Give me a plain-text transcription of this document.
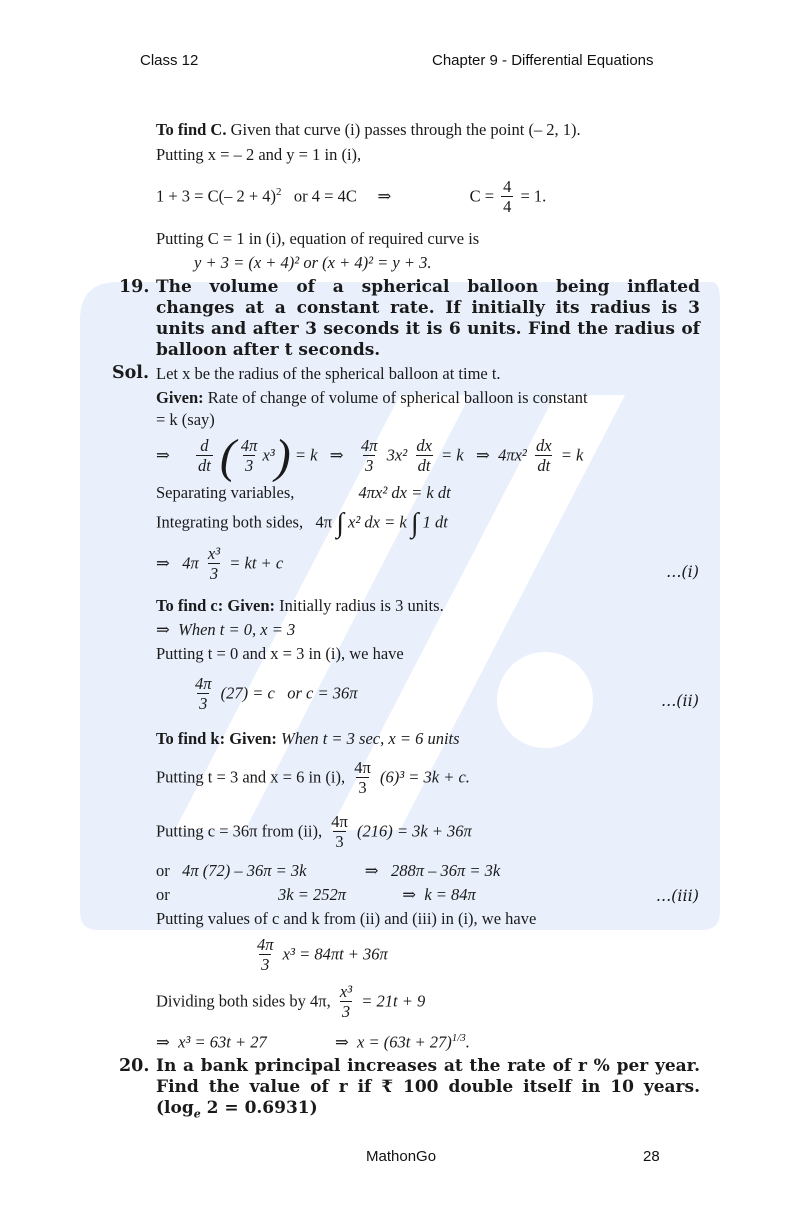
Class 12	Chapter 9 - Differential Equations
To find C. Given that curve (i) passes through the point (– 2, 1).
Putting x = – 2 and y = 1 in (i),
1 + 3 = C(– 2 + 4)$^2$ or 4 = 4C ⇒	$C = \frac{4}{4} = 1$.
Putting C = 1 in (i), equation of required curve is
y + 3 = (x + 4)² or (x + 4)² = y + 3.
19. The volume of a spherical balloon being inflated changes at a constant rate. If initially its radius is 3 units and after 3 seconds it is 6 units. Find the radius of balloon after t seconds.
Sol. Let x be the radius of the spherical balloon at time t.
Given: Rate of change of volume of spherical balloon is constant
= k (say)
⇒ $\frac{d}{dt}$ ( $\frac{4\pi}{3} x^3) = k$ ⇒ $\frac{4\pi}{3} 3x^2 \frac{dx}{dt} = k$ ⇒ $4\pi x^2 \frac{dx}{dt} = k$
Separating variables,	4πx² dx = k dt
Integrating both sides, 4π ∫ x² dx = k ∫ 1 dt
⇒ $4\pi \frac{\text{x³}}{3}$ = kt + c	...(i)
To find c: Given: Initially radius is 3 units.
⇒ When t = 0, x = 3
Putting t = 0 and x = 3 in (i), we have
$\frac{4\pi}{3} (27) = c$ or c = 36π	...(ii)
To find k: Given: When t = 3 sec, x = 6 units
Putting t = 3 and x = 6 in (i), $\frac{4\pi}{3} (6)^3 = 3k + c$.
Putting c = 36π from (ii), $\frac{4\pi}{3} (216) = 3k + 36\pi$
or 4π (72) – 36π = 3k	⇒ 288π – 36π = 3k
or	3k = 252π	⇒ k = 84π	...(iii)
Putting values of c and k from (ii) and (iii) in (i), we have
$\frac{4\pi}{3} x^3 = 84\pi t + 36\pi$
Dividing both sides by 4π, $\frac{\text{x³}}{3} = 21t + 9$
⇒ x³ = 63t + 27	⇒ $x = (63t + 27)^{1/3}$.
20. In a bank principal increases at the rate of r % per year. Find the value of r if ₹ 100 double itself in 10 years. ($\log_e$ 2 = 0.6931)
MathonGo	28
